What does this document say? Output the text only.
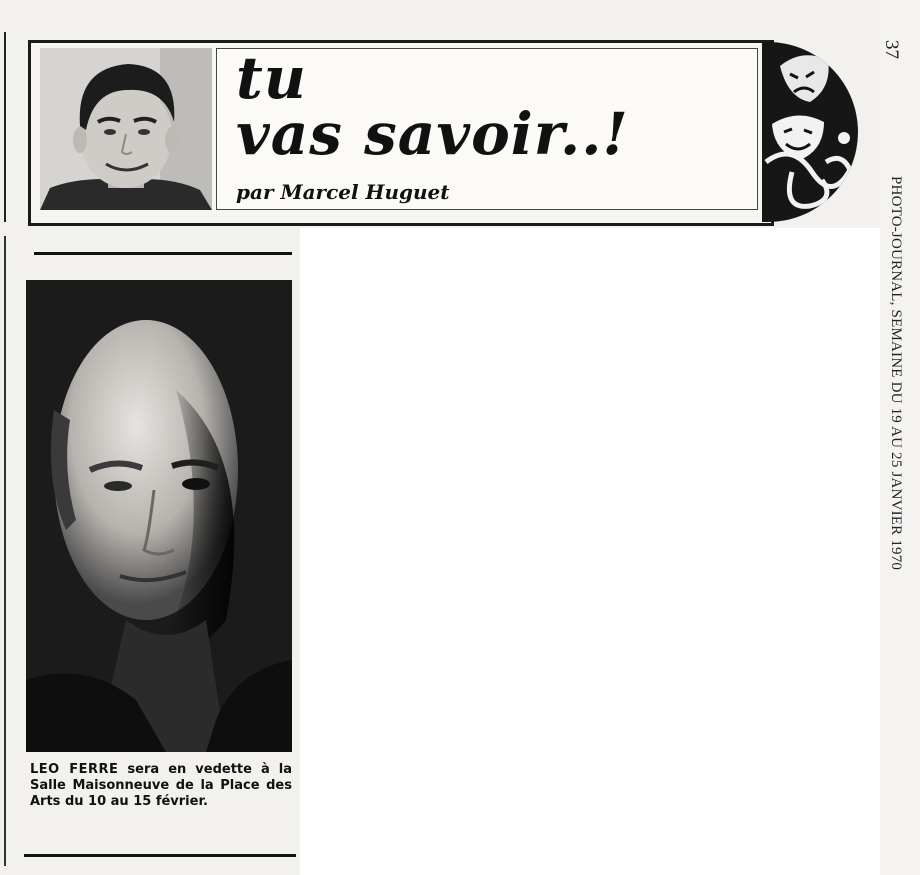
tu
vas savoir..!
par Marcel Huguet
37
PHOTO-JOURNAL, SEMAINE DU 19 AU 25 JANVIER 1970
LEO FERRE sera en vedette à la Salle Maisonneuve de la Place des Arts du 10 au 15 février.
